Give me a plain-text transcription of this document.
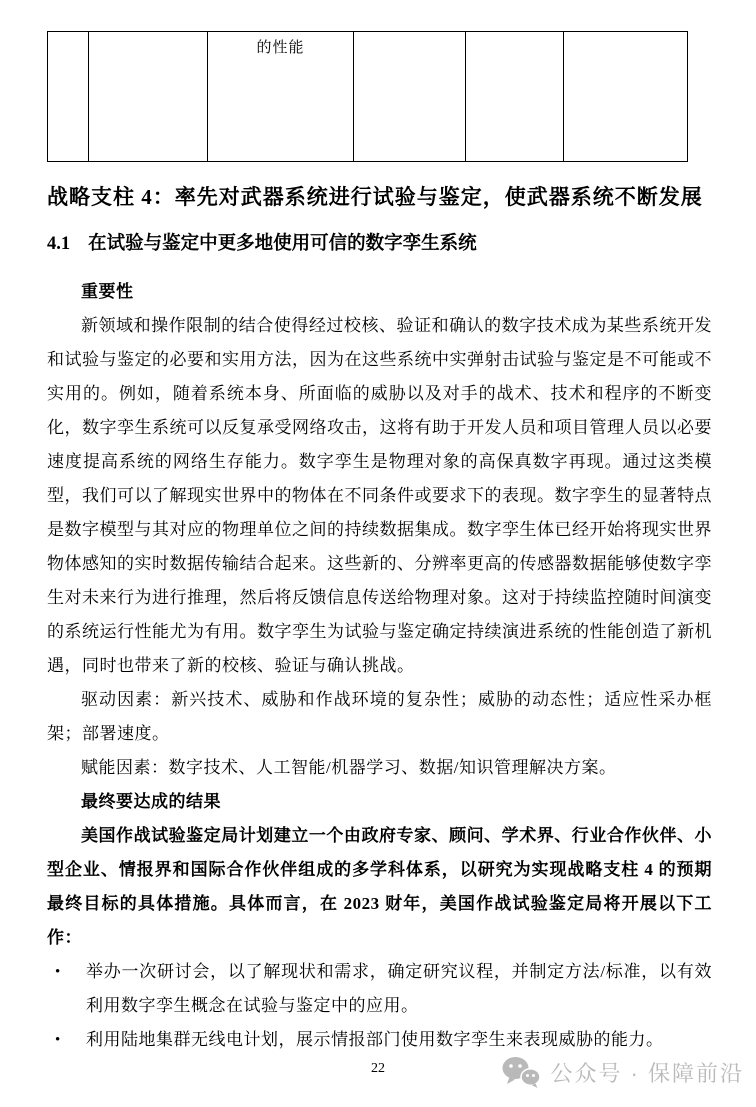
		的性能			
战略支柱 4：率先对武器系统进行试验与鉴定，使武器系统不断发展
4.1 在试验与鉴定中更多地使用可信的数字孪生系统
重要性
新领域和操作限制的结合使得经过校核、验证和确认的数字技术成为某些系统开发和试验与鉴定的必要和实用方法，因为在这些系统中实弹射击试验与鉴定是不可能或不实用的。例如，随着系统本身、所面临的威胁以及对手的战术、技术和程序的不断变化，数字孪生系统可以反复承受网络攻击，这将有助于开发人员和项目管理人员以必要速度提高系统的网络生存能力。数字孪生是物理对象的高保真数字再现。通过这类模型，我们可以了解现实世界中的物体在不同条件或要求下的表现。数字孪生的显著特点是数字模型与其对应的物理单位之间的持续数据集成。数字孪生体已经开始将现实世界物体感知的实时数据传输结合起来。这些新的、分辨率更高的传感器数据能够使数字孪生对未来行为进行推理，然后将反馈信息传送给物理对象。这对于持续监控随时间演变的系统运行性能尤为有用。数字孪生为试验与鉴定确定持续演进系统的性能创造了新机遇，同时也带来了新的校核、验证与确认挑战。
驱动因素：新兴技术、威胁和作战环境的复杂性；威胁的动态性；适应性采办框架；部署速度。
赋能因素：数字技术、人工智能/机器学习、数据/知识管理解决方案。
最终要达成的结果
美国作战试验鉴定局计划建立一个由政府专家、顾问、学术界、行业合作伙伴、小型企业、情报界和国际合作伙伴组成的多学科体系，以研究为实现战略支柱 4 的预期最终目标的具体措施。具体而言，在 2023 财年，美国作战试验鉴定局将开展以下工作：
• 举办一次研讨会，以了解现状和需求，确定研究议程，并制定方法/标准，以有效利用数字孪生概念在试验与鉴定中的应用。
• 利用陆地集群无线电计划，展示情报部门使用数字孪生来表现威胁的能力。
22	公众号 · 保障前沿
